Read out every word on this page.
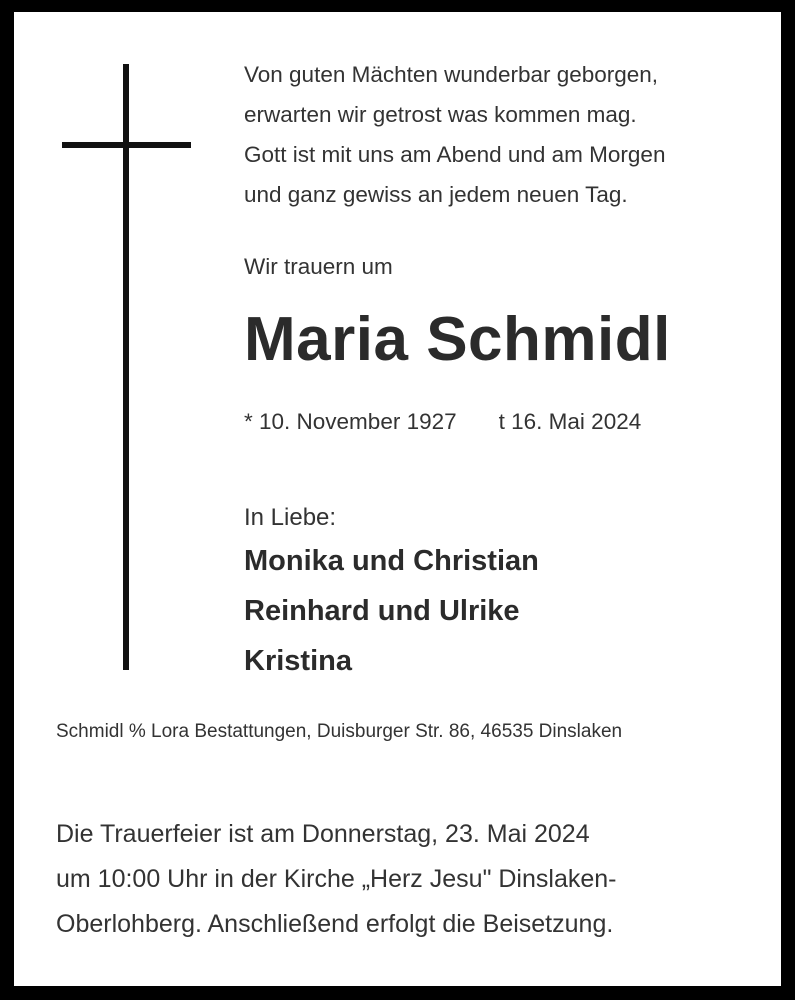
Von guten Mächten wunderbar geborgen,
erwarten wir getrost was kommen mag.
Gott ist mit uns am Abend und am Morgen
und ganz gewiss an jedem neuen Tag.
Wir trauern um
Maria Schmidl
* 10. November 1927 t 16. Mai 2024
In Liebe:
Monika und Christian
Reinhard und Ulrike
Kristina
Schmidl % Lora Bestattungen, Duisburger Str. 86, 46535 Dinslaken
Die Trauerfeier ist am Donnerstag, 23. Mai 2024
um 10:00 Uhr in der Kirche „Herz Jesu" Dinslaken-
Oberlohberg. Anschließend erfolgt die Beisetzung.
